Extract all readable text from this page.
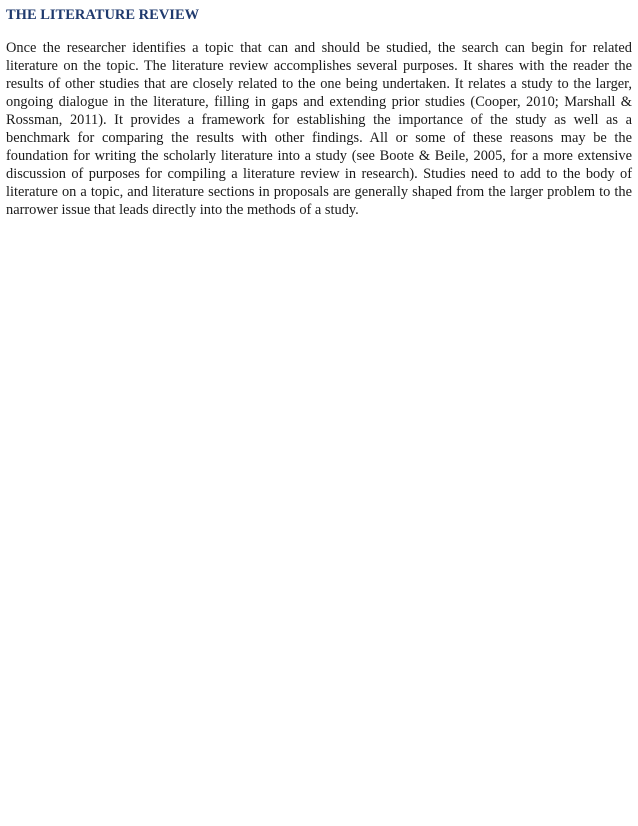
THE LITERATURE REVIEW

Once the researcher identifies a topic that can and should be studied, the search can begin for related literature on the topic. The literature review accomplishes several purposes. It shares with the reader the results of other studies that are closely related to the one being undertaken. It relates a study to the larger, ongoing dialogue in the literature, filling in gaps and extending prior studies (Cooper, 2010; Marshall & Rossman, 2011). It provides a framework for establishing the importance of the study as well as a benchmark for comparing the results with other findings. All or some of these reasons may be the foundation for writing the scholarly literature into a study (see Boote & Beile, 2005, for a more extensive discussion of purposes for compiling a literature review in research). Studies need to add to the body of literature on a topic, and literature sections in proposals are generally shaped from the larger problem to the narrower issue that leads directly into the methods of a study.
